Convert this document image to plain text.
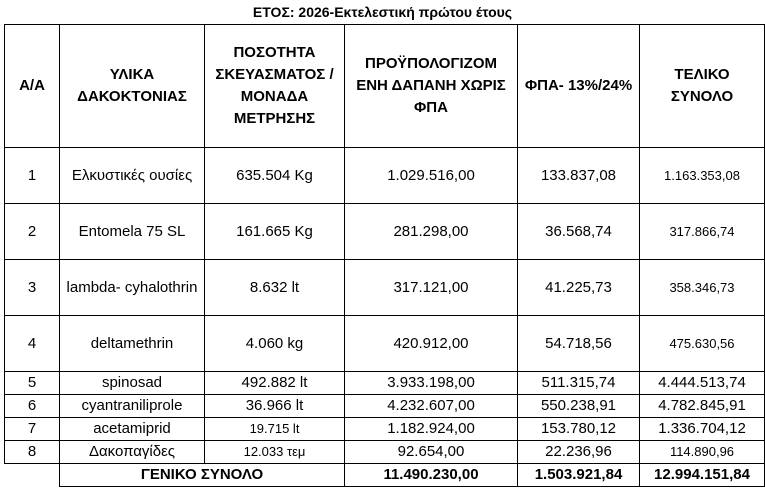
ΕΤΟΣ: 2026-Εκτελεστική πρώτου έτους
Α/Α	ΥΛΙΚΑ ΔΑΚΟΚΤΟΝΙΑΣ	ΠΟΣΟΤΗΤΑ ΣΚΕΥΑΣΜΑΤΟΣ / ΜΟΝΑΔΑ ΜΕΤΡΗΣΗΣ	ΠΡΟΫΠΟΛΟΓΙΖΟΜ ΕΝΗ ΔΑΠΑΝΗ ΧΩΡΙΣ ΦΠΑ	ΦΠΑ- 13%/24%	ΤΕΛΙΚΟ ΣΥΝΟΛΟ
1	Ελκυστικές ουσίες	635.504 Kg	1.029.516,00	133.837,08	1.163.353,08
2	Entomela 75 SL	161.665 Kg	281.298,00	36.568,74	317.866,74
3	lambda- cyhalothrin	8.632 lt	317.121,00	41.225,73	358.346,73
4	deltamethrin	4.060 kg	420.912,00	54.718,56	475.630,56
5	spinosad	492.882 lt	3.933.198,00	511.315,74	4.444.513,74
6	cyantraniliprole	36.966 lt	4.232.607,00	550.238,91	4.782.845,91
7	acetamiprid	19.715 lt	1.182.924,00	153.780,12	1.336.704,12
8	Δακοπαγίδες	12.033 τεμ	92.654,00	22.236,96	114.890,96
	ΓΕΝΙΚΟ ΣΥΝΟΛΟ		11.490.230,00	1.503.921,84	12.994.151,84
